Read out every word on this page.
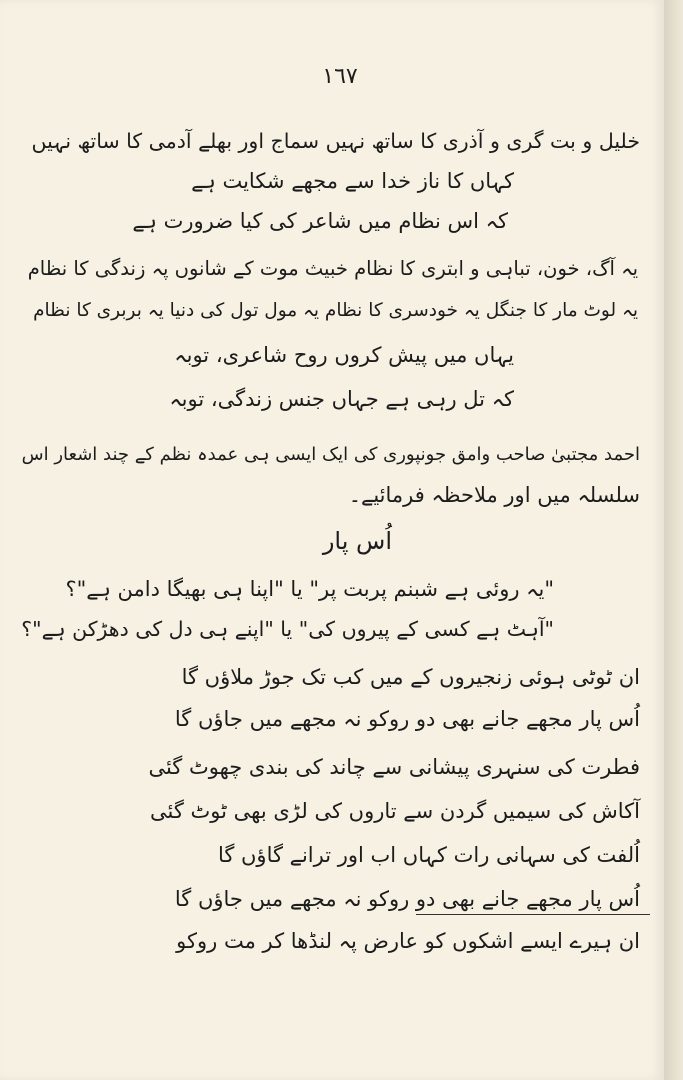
١٦٧

خلیل و بت گری و آذری کا ساتھ نہیں سماج اور بھلے آدمی کا ساتھ نہیں

کہاں کا ناز خدا سے مجھے شکایت ہے

کہ اس نظام میں شاعر کی کیا ضرورت ہے

یہ آگ، خون، تباہی و ابتری کا نظام خبیث موت کے شانوں پہ زندگی کا نظام

یہ لوٹ مار کا جنگل یہ خودسری کا نظام یہ مول تول کی دنیا یہ بربری کا نظام

یہاں میں پیش کروں روح شاعری، توبہ

کہ تل رہی ہے جہاں جنس زندگی، توبہ

احمد مجتبیٰ صاحب وامق جونپوری کی ایک ایسی ہی عمدہ نظم کے چند اشعار اس

سلسلہ میں اور ملاحظہ فرمائیے۔

اُس پار

"یہ روئی ہے شبنم پربت پر" یا "اپنا ہی بھیگا دامن ہے"؟

"آہٹ ہے کسی کے پیروں کی" یا "اپنے ہی دل کی دھڑکن ہے"؟

ان ٹوٹی ہوئی زنجیروں کے میں کب تک جوڑ ملاؤں گا

اُس پار مجھے جانے بھی دو روکو نہ مجھے میں جاؤں گا

فطرت کی سنہری پیشانی سے چاند کی بندی چھوٹ گئی

آکاش کی سیمیں گردن سے تاروں کی لڑی بھی ٹوٹ گئی

اُلفت کی سہانی رات کہاں اب اور ترانے گاؤں گا

اُس پار مجھے جانے بھی دو روکو نہ مجھے میں جاؤں گا

ان ہیرے ایسے اشکوں کو عارض پہ لنڈھا کر مت روکو
